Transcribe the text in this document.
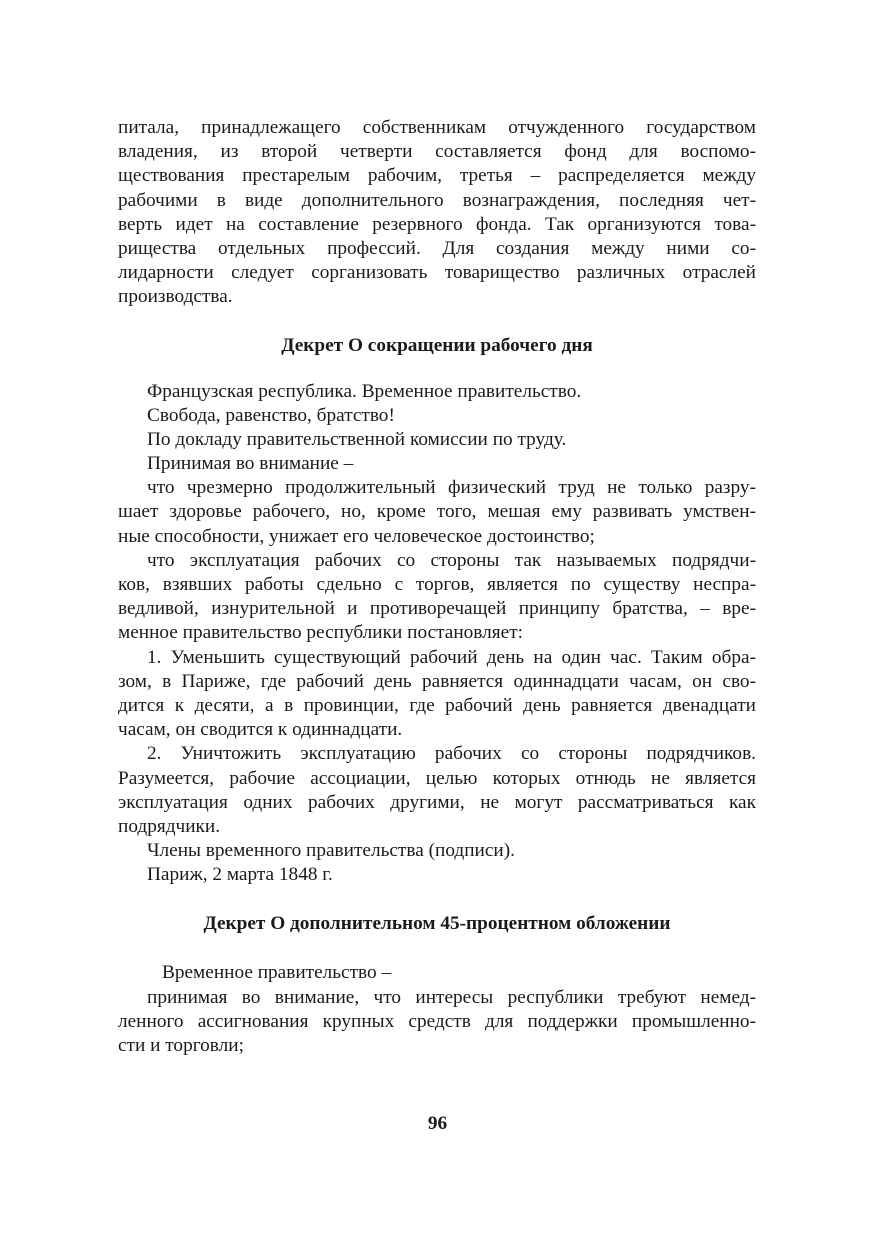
питала, принадлежащего собственникам отчужденного государством
владения, из второй четверти составляется фонд для воспомо-
ществования престарелым рабочим, третья – распределяется между
рабочими в виде дополнительного вознаграждения, последняя чет-
верть идет на составление резервного фонда. Так организуются това-
рищества отдельных профессий. Для создания между ними со-
лидарности следует сорганизовать товарищество различных отраслей
производства.
Декрет О сокращении рабочего дня
Французская республика. Временное правительство.
Свобода, равенство, братство!
По докладу правительственной комиссии по труду.
Принимая во внимание –
что чрезмерно продолжительный физический труд не только разру-
шает здоровье рабочего, но, кроме того, мешая ему развивать умствен-
ные способности, унижает его человеческое достоинство;
что эксплуатация рабочих со стороны так называемых подрядчи-
ков, взявших работы сдельно с торгов, является по существу неспра-
ведливой, изнурительной и противоречащей принципу братства, – вре-
менное правительство республики постановляет:
1. Уменьшить существующий рабочий день на один час. Таким обра-
зом, в Париже, где рабочий день равняется одиннадцати часам, он сво-
дится к десяти, а в провинции, где рабочий день равняется двенадцати
часам, он сводится к одиннадцати.
2. Уничтожить эксплуатацию рабочих со стороны подрядчиков.
Разумеется, рабочие ассоциации, целью которых отнюдь не является
эксплуатация одних рабочих другими, не могут рассматриваться как
подрядчики.
Члены временного правительства (подписи).
Париж, 2 марта 1848 г.
Декрет О дополнительном 45-процентном обложении
Временное правительство –
принимая во внимание, что интересы республики требуют немед-
ленного ассигнования крупных средств для поддержки промышленно-
сти и торговли;
96
